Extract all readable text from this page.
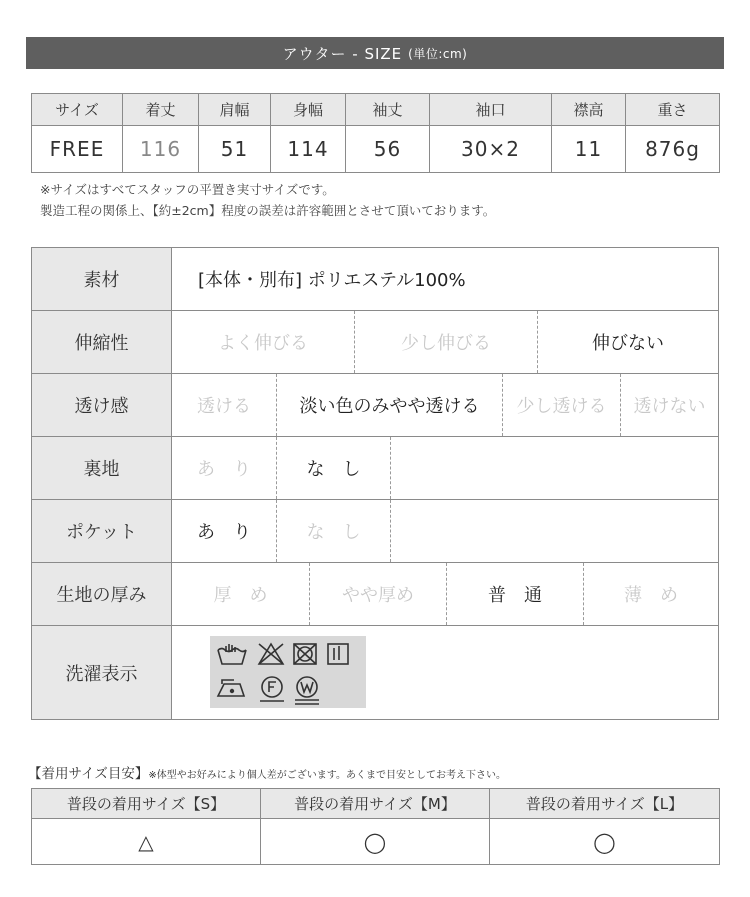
アウター - SIZE (単位:cm)
サイズ	着丈	肩幅	身幅	袖丈	袖口	襟高	重さ
FREE	116	51	114	56	30×2	11	876g
※サイズはすべてスタッフの平置き実寸サイズです。
製造工程の関係上、【約±2cm】程度の誤差は許容範囲とさせて頂いております。
素材	[本体・別布] ポリエステル100%
伸縮性	よく伸びる	少し伸びる	伸びない
透け感	透ける	淡い色のみやや透ける	少し透ける	透けない
裏地	あ　り	な　し
ポケット	あ　り	な　し
生地の厚み	厚　め	やや厚め	普　通	薄　め
洗濯表示
【着用サイズ目安】※体型やお好みにより個人差がございます。あくまで目安としてお考え下さい。
普段の着用サイズ【S】	普段の着用サイズ【M】	普段の着用サイズ【L】
△	◯	◯
